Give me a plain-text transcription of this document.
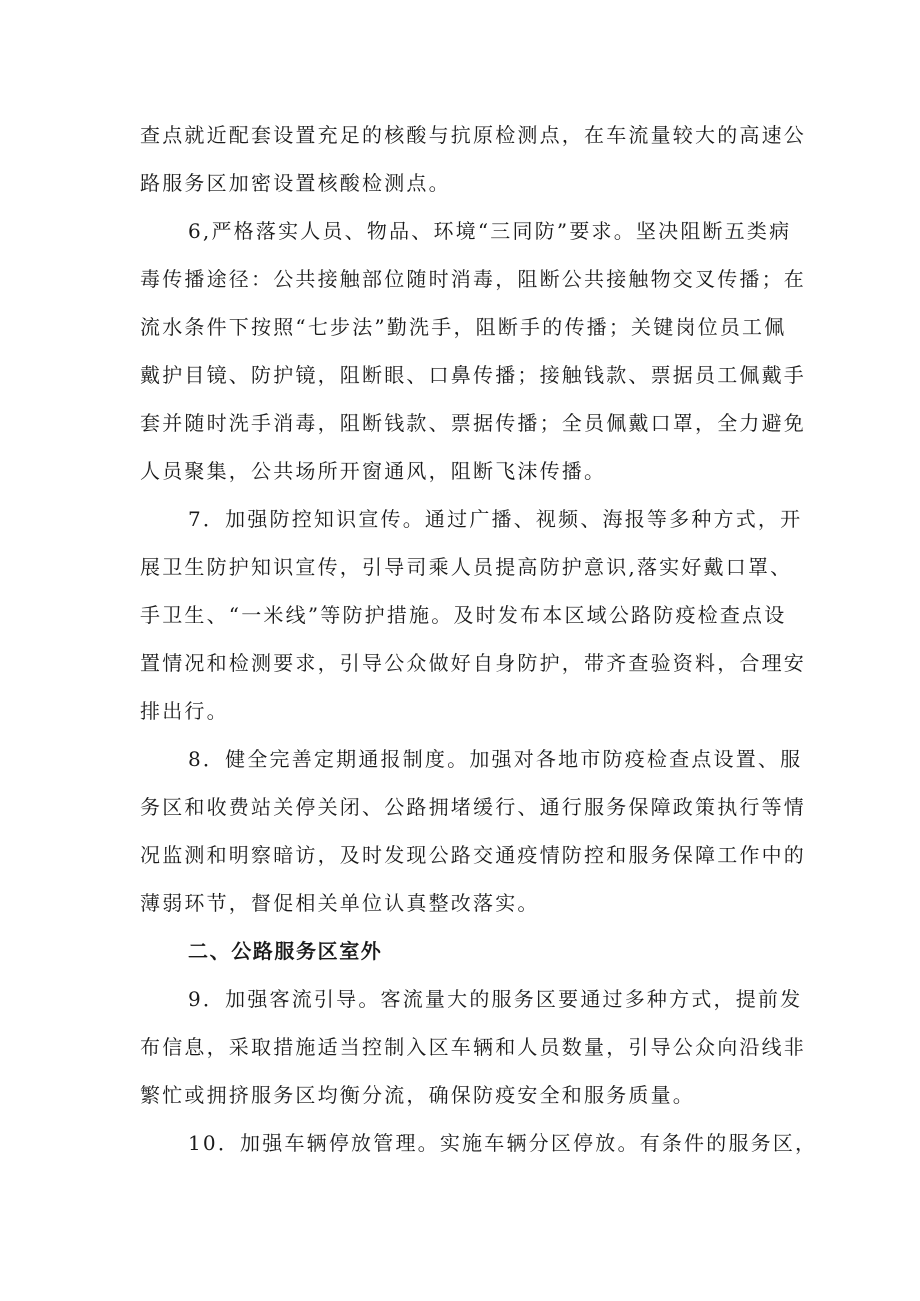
查点就近配套设置充足的核酸与抗原检测点，在车流量较大的高速公
路服务区加密设置核酸检测点。
6,严格落实人员、物品、环境“三同防”要求。坚决阻断五类病
毒传播途径：公共接触部位随时消毒，阻断公共接触物交叉传播；在
流水条件下按照“七步法”勤洗手，阻断手的传播；关键岗位员工佩
戴护目镜、防护镜，阻断眼、口鼻传播；接触钱款、票据员工佩戴手
套并随时洗手消毒，阻断钱款、票据传播；全员佩戴口罩，全力避免
人员聚集，公共场所开窗通风，阻断飞沫传播。
7．加强防控知识宣传。通过广播、视频、海报等多种方式，开
展卫生防护知识宣传，引导司乘人员提高防护意识,落实好戴口罩、
手卫生、“一米线”等防护措施。及时发布本区域公路防疫检查点设
置情况和检测要求，引导公众做好自身防护，带齐查验资料，合理安
排出行。
8．健全完善定期通报制度。加强对各地市防疫检查点设置、服
务区和收费站关停关闭、公路拥堵缓行、通行服务保障政策执行等情
况监测和明察暗访，及时发现公路交通疫情防控和服务保障工作中的
薄弱环节，督促相关单位认真整改落实。
二、公路服务区室外
9．加强客流引导。客流量大的服务区要通过多种方式，提前发
布信息，采取措施适当控制入区车辆和人员数量，引导公众向沿线非
繁忙或拥挤服务区均衡分流，确保防疫安全和服务质量。
10．加强车辆停放管理。实施车辆分区停放。有条件的服务区，
